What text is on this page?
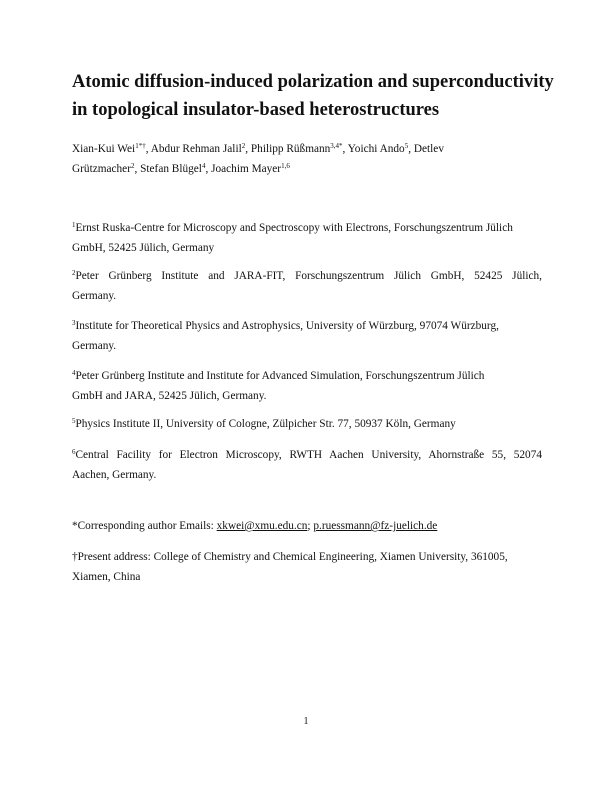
Atomic diffusion-induced polarization and superconductivity
in topological insulator-based heterostructures
Xian-Kui Wei$^{1*\dagger}$, Abdur Rehman Jalil$^2$, Philipp Rüßmann$^{3,4*}$, Yoichi Ando$^5$, Detlev
Grützmacher$^2$, Stefan Blügel$^4$, Joachim Mayer$^{1,6}$
$^1$Ernst Ruska-Centre for Microscopy and Spectroscopy with Electrons, Forschungszentrum Jülich
GmbH, 52425 Jülich, Germany
$^2$Peter Grünberg Institute and JARA-FIT, Forschungszentrum Jülich GmbH, 52425 Jülich,
Germany.
$^3$Institute for Theoretical Physics and Astrophysics, University of Würzburg, 97074 Würzburg,
Germany.
$^4$Peter Grünberg Institute and Institute for Advanced Simulation, Forschungszentrum Jülich
GmbH and JARA, 52425 Jülich, Germany.
$^5$Physics Institute II, University of Cologne, Zülpicher Str. 77, 50937 Köln, Germany
$^6$Central Facility for Electron Microscopy, RWTH Aachen University, Ahornstraße 55, 52074
Aachen, Germany.
*Corresponding author Emails: xkwei@xmu.edu.cn; p.ruessmann@fz-juelich.de
†Present address: College of Chemistry and Chemical Engineering, Xiamen University, 361005,
Xiamen, China
1
